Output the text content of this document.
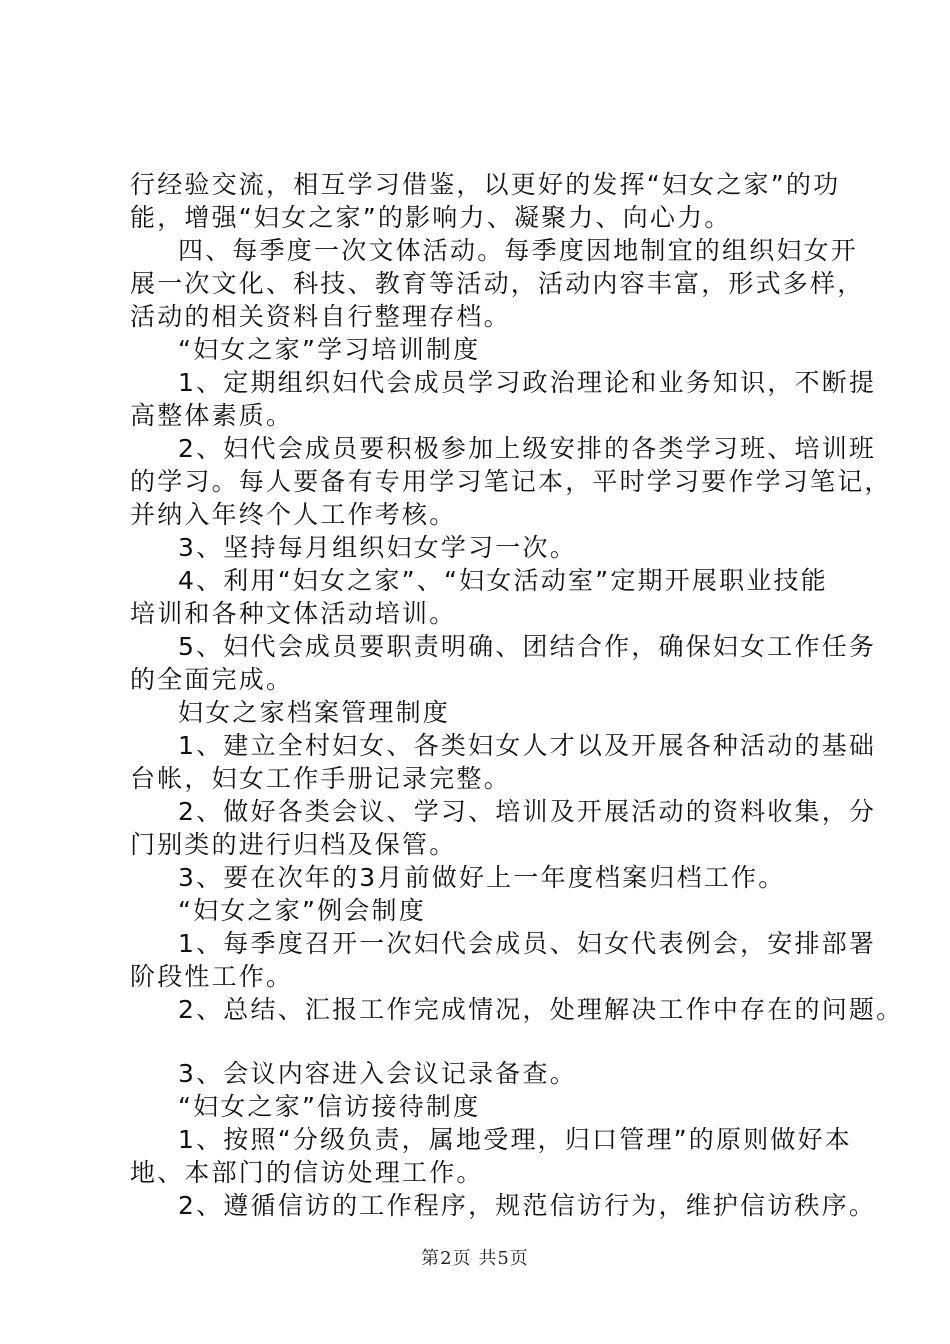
行经验交流，相互学习借鉴，以更好的发挥“妇女之家”的功
能，增强“妇女之家”的影响力、凝聚力、向心力。
四、每季度一次文体活动。每季度因地制宜的组织妇女开
展一次文化、科技、教育等活动，活动内容丰富，形式多样，
活动的相关资料自行整理存档。
“妇女之家”学习培训制度
1、定期组织妇代会成员学习政治理论和业务知识，不断提
高整体素质。
2、妇代会成员要积极参加上级安排的各类学习班、培训班
的学习。每人要备有专用学习笔记本，平时学习要作学习笔记，
并纳入年终个人工作考核。
3、坚持每月组织妇女学习一次。
4、利用“妇女之家”、“妇女活动室”定期开展职业技能
培训和各种文体活动培训。
5、妇代会成员要职责明确、团结合作，确保妇女工作任务
的全面完成。
妇女之家档案管理制度
1、建立全村妇女、各类妇女人才以及开展各种活动的基础
台帐，妇女工作手册记录完整。
2、做好各类会议、学习、培训及开展活动的资料收集，分
门别类的进行归档及保管。
3、要在次年的3月前做好上一年度档案归档工作。
“妇女之家”例会制度
1、每季度召开一次妇代会成员、妇女代表例会，安排部署
阶段性工作。
2、总结、汇报工作完成情况，处理解决工作中存在的问题。
3、会议内容进入会议记录备查。
“妇女之家”信访接待制度
1、按照“分级负责，属地受理，归口管理”的原则做好本
地、本部门的信访处理工作。
2、遵循信访的工作程序，规范信访行为，维护信访秩序。
第2页 共5页
